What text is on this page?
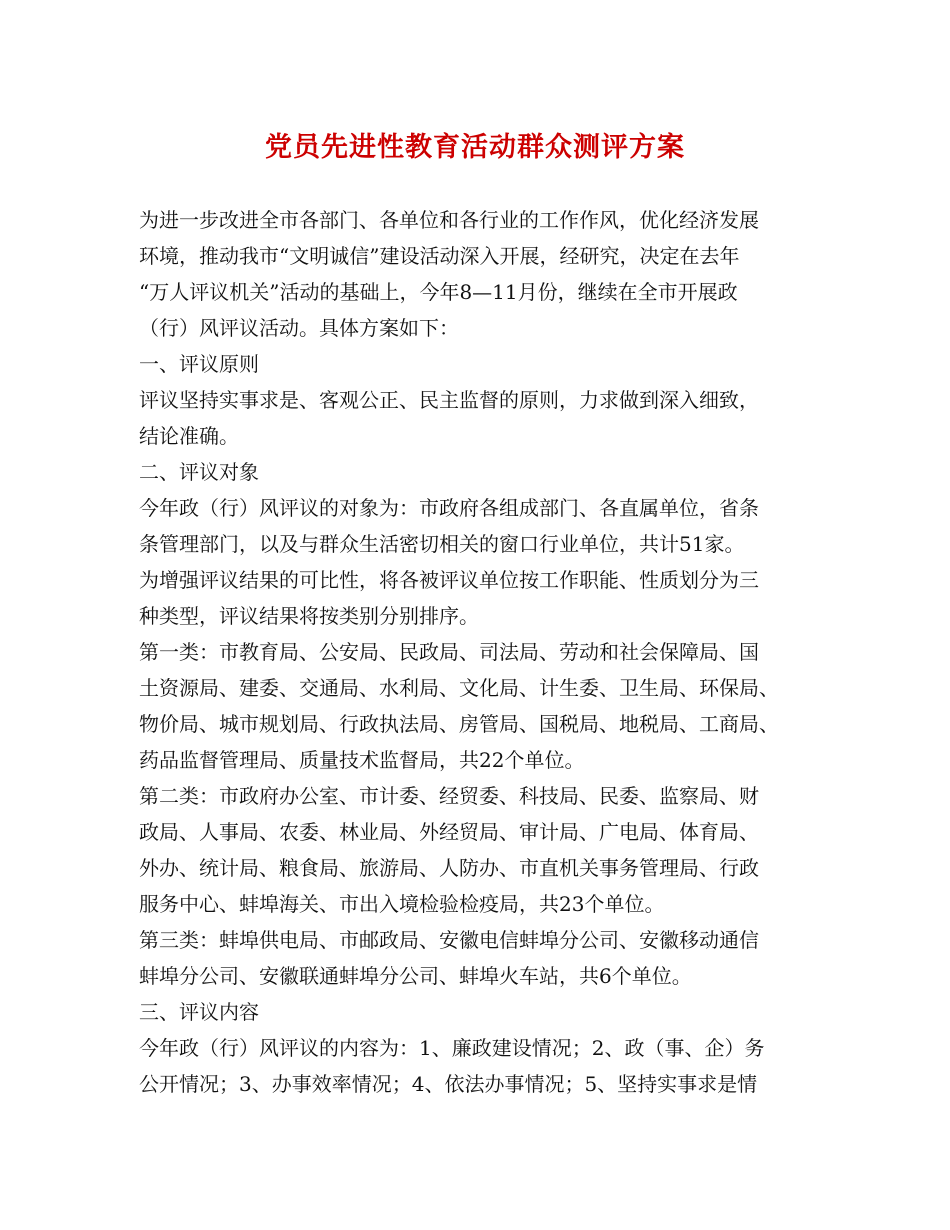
党员先进性教育活动群众测评方案
为进一步改进全市各部门、各单位和各行业的工作作风，优化经济发展
环境，推动我市“文明诚信”建设活动深入开展，经研究，决定在去年
“万人评议机关”活动的基础上，今年8—11月份，继续在全市开展政
（行）风评议活动。具体方案如下：
一、评议原则
评议坚持实事求是、客观公正、民主监督的原则，力求做到深入细致，
结论准确。
二、评议对象
今年政（行）风评议的对象为：市政府各组成部门、各直属单位，省条
条管理部门，以及与群众生活密切相关的窗口行业单位，共计51家。
为增强评议结果的可比性，将各被评议单位按工作职能、性质划分为三
种类型，评议结果将按类别分别排序。
第一类：市教育局、公安局、民政局、司法局、劳动和社会保障局、国
土资源局、建委、交通局、水利局、文化局、计生委、卫生局、环保局、
物价局、城市规划局、行政执法局、房管局、国税局、地税局、工商局、
药品监督管理局、质量技术监督局，共22个单位。
第二类：市政府办公室、市计委、经贸委、科技局、民委、监察局、财
政局、人事局、农委、林业局、外经贸局、审计局、广电局、体育局、
外办、统计局、粮食局、旅游局、人防办、市直机关事务管理局、行政
服务中心、蚌埠海关、市出入境检验检疫局，共23个单位。
第三类：蚌埠供电局、市邮政局、安徽电信蚌埠分公司、安徽移动通信
蚌埠分公司、安徽联通蚌埠分公司、蚌埠火车站，共6个单位。
三、评议内容
今年政（行）风评议的内容为：1、廉政建设情况；2、政（事、企）务
公开情况；3、办事效率情况；4、依法办事情况；5、坚持实事求是情
